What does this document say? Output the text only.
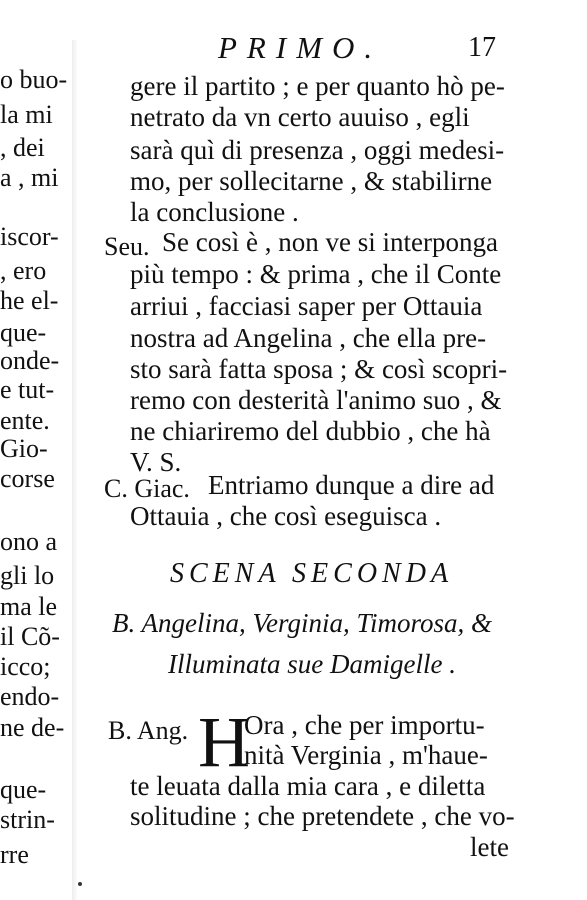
o buo-
la mi
, dei
a , mi
iscor-
, ero
he el-
que-
onde-
e tut-
ente.
Gio-
corse
ono a
gli lo
ma le
il Cõ-
icco;
endo-
ne de-
que-
strin-
rre
PRIMO.	17
gere il partito ; e per quanto hò pe-
netrato da vn certo auuiso , egli
sarà quì di presenza , oggi medesi-
mo, per sollecitarne , & stabilirne
la conclusione .
Seu. Se così è , non ve si interponga
più tempo : & prima , che il Conte
arriui , facciasi saper per Ottauia
nostra ad Angelina , che ella pre-
sto sarà fatta sposa ; & così scopri-
remo con desterità l'animo suo , &
ne chiariremo del dubbio , che hà
V. S.
C. Giac. Entriamo dunque a dire ad
Ottauia , che così eseguisca .
SCENA SECONDA
B. Angelina, Verginia, Timorosa, &
Illuminata sue Damigelle .
B. Ang. H
Ora , che per importu-
nità Verginia , m'haue-
te leuata dalla mia cara , e diletta
solitudine ; che pretendete , che vo-
lete
